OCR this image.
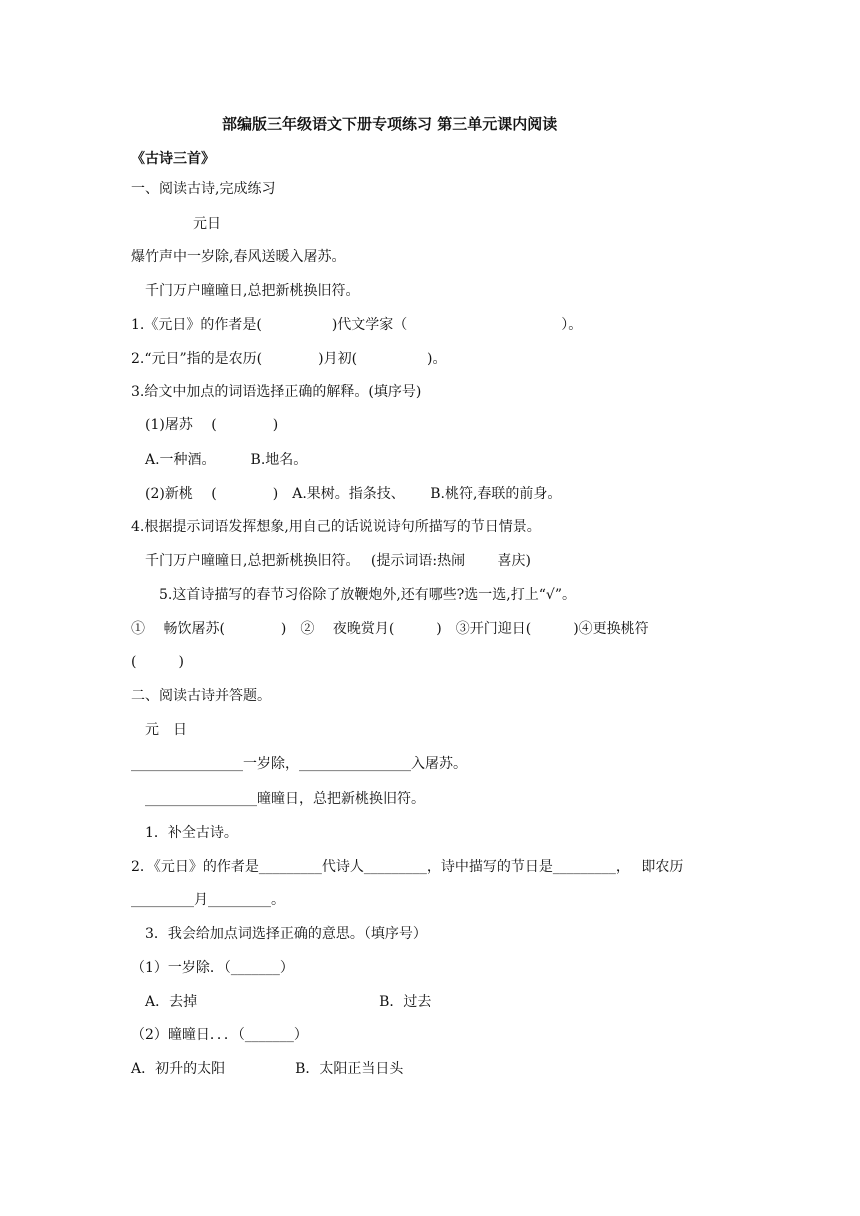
部编版三年级语文下册专项练习 第三单元课内阅读
《古诗三首》
一、阅读古诗,完成练习
元日
爆竹声中一岁除,春风送暖入屠苏。
千门万户曈曈日,总把新桃换旧符。
1.《元日》的作者是(　　　　　)代文学家（　　　　　　　　　　　）。
2.“元日”指的是农历(　　　　)月初(　　　　　)。
3.给文中加点的词语选择正确的解释。(填序号)
(1)屠苏　 (　　　　)
A.一种酒。　　　B.地名。
(2)新桃　 (　　　　)　A.果树。指条技、　　 B.桃符,春联的前身。
4.根据提示词语发挥想象,用自己的话说说诗句所描写的节日情景。
千门万户曈曈日,总把新桃换旧符。　 (提示词语:热闹　　 喜庆)
5.这首诗描写的春节习俗除了放鞭炮外,还有哪些?选一选,打上“√”。
①　 畅饮屠苏(　　　　)　②　 夜晚赏月(　　　)　③开门迎日(　　　)④更换桃符
(　　　)
二、阅读古诗并答题。
元　日
________________一岁除，________________入屠苏。
________________曈曈日，总把新桃换旧符。
1．补全古诗。
2．《元日》的作者是_________代诗人_________，诗中描写的节日是_________，　 即农历
_________月_________。
3．我会给加点词选择正确的意思。（填序号）
（1）一岁除．（_______）
A．去掉　　　　　　　　　　　　　B．过去
（2）曈曈日．．．（_______）
A．初升的太阳　　　　　B．太阳正当日头
